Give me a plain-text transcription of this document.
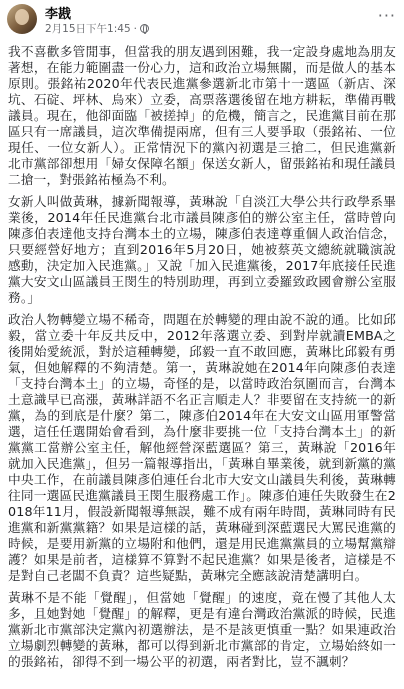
李戡
2月15日下午1:45 ·
···

我不喜歡多管閒事，但當我的朋友遇到困難，我一定設身處地為朋友著想，在能力範圍盡一份心力，這和政治立場無關，而是做人的基本原則。張銘祐2020年代表民進黨參選新北市第十一選區（新店、深坑、石碇、坪林、烏來）立委，高票落選後留在地方耕耘，準備再戰議員。現在，他卻面臨「被搓掉」的危機，簡言之，民進黨目前在那區只有一席議員，這次準備提兩席，但有三人要爭取（張銘祐、一位現任、一位女新人）。正常情況下的黨內初選是三搶二，但民進黨新北市黨部卻想用「婦女保障名額」保送女新人，留張銘祐和現任議員二搶一，對張銘祐極為不利。

女新人叫做黃琳，據新聞報導，黃琳說「自淡江大學公共行政學系畢業後，2014年任民進黨台北市議員陳彥伯的辦公室主任，當時曾向陳彥伯表達他支持台灣本土的立場，陳彥伯表達尊重個人政治信念，只要經營好地方；直到2016年5月20日，她被蔡英文總統就職演說感動，決定加入民進黨。」又說「加入民進黨後，2017年底接任民進黨大安文山區議員王閔生的特別助理，再到立委羅致政國會辦公室服務。」

政治人物轉變立場不稀奇，問題在於轉變的理由說不說的通。比如邱毅，當立委十年反共反中，2012年落選立委、到對岸就讀EMBA之後開始愛統派，對於這種轉變，邱毅一直不敢回應，黃琳比邱毅有勇氣，但她解釋的不夠清楚。第一，黃琳說她在2014年向陳彥伯表達「支持台灣本土」的立場，奇怪的是，以當時政治氛圍而言，台灣本土意識早已高漲，黃琳詳語不名正言順走人？非要留在支持統一的新黨，為的到底是什麼？第二，陳彥伯2014年在大安文山區用軍警當選，這任任選開始會看到，為什麼非要挑一位「支持台灣本土」的新黨黨工當辦公室主任，解他經營深藍選區？第三，黃琳說「2016年就加入民進黨」，但另一篇報導指出，「黃琳自畢業後，就到新黨的黨中央工作，在前議員陳彥伯連任台北市大安文山議員失利後，黃琳轉往同一選區民進黨議員王閔生服務處工作」。陳彥伯連任失敗發生在2018年11月，假設新聞報導無誤，難不成有兩年時間，黃琳同時有民進黨和新黨黨籍？如果是這樣的話，黃琳碰到深藍選民大罵民進黨的時候，是要用新黨的立場附和他們，還是用民進黨黨員的立場幫黨辯護？如果是前者，這樣算不算對不起民進黨？如果是後者，這樣是不是對自己老闆不負責？這些疑點，黃琳完全應該說清楚講明白。

黃琳不是不能「覺醒」，但當她「覺醒」的速度，竟在慢了其他人太多，且她對她「覺醒」的解釋，更是有違台灣政治黨派的時候，民進黨新北市黨部決定黨內初選辦法，是不是該更慎重一點？如果連政治立場劇烈轉變的黃琳，都可以得到新北市黨部的肯定，立場始終如一的張銘祐，卻得不到一場公平的初選，兩者對比，豈不諷刺？
